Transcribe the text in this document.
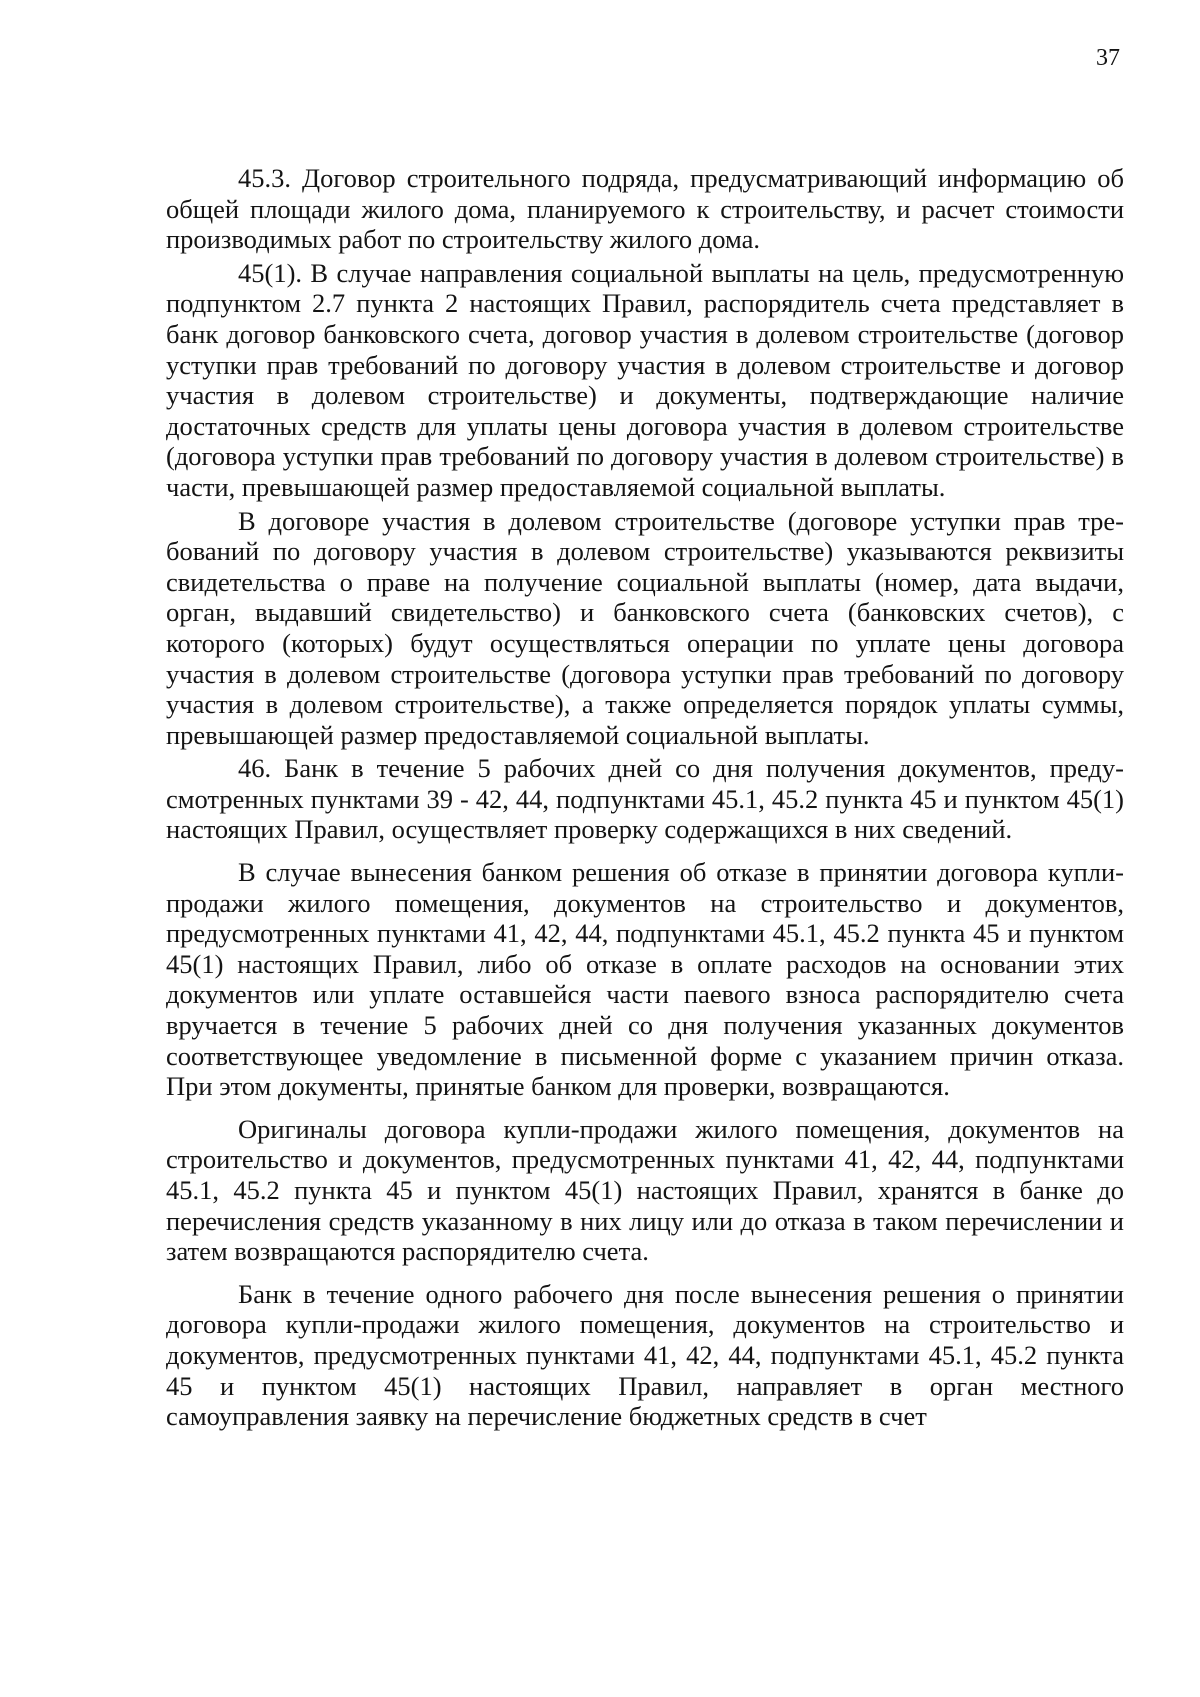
37

45.3. Договор строительного подряда, предусматривающий информацию об общей площади жилого дома, планируемого к строительству, и расчет стоимости производимых работ по строительству жилого дома.

45(1). В случае направления социальной выплаты на цель, предусмотренную подпунктом 2.7 пункта 2 настоящих Правил, распорядитель счета представляет в банк договор банковского счета, договор участия в долевом строительстве (договор уступки прав требований по договору участия в долевом строительстве и договор участия в долевом строительстве) и документы, подтверждающие наличие достаточных средств для уплаты цены договора участия в долевом строительстве (договора уступки прав требований по договору участия в долевом строительстве) в части, превышающей размер предоставляемой социальной выплаты.

В договоре участия в долевом строительстве (договоре уступки прав требований по договору участия в долевом строительстве) указываются реквизиты свидетельства о праве на получение социальной выплаты (номер, дата выдачи, орган, выдавший свидетельство) и банковского счета (банковских счетов), с которого (которых) будут осуществляться операции по уплате цены договора участия в долевом строительстве (договора уступки прав требований по договору участия в долевом строительстве), а также определяется порядок уплаты суммы, превышающей размер предоставляемой социальной выплаты.

46. Банк в течение 5 рабочих дней со дня получения документов, предусмотренных пунктами 39 - 42, 44, подпунктами 45.1, 45.2 пункта 45 и пунктом 45(1) настоящих Правил, осуществляет проверку содержащихся в них сведений.

В случае вынесения банком решения об отказе в принятии договора купли-продажи жилого помещения, документов на строительство и документов, предусмотренных пунктами 41, 42, 44, подпунктами 45.1, 45.2 пункта 45 и пунктом 45(1) настоящих Правил, либо об отказе в оплате расходов на основании этих документов или уплате оставшейся части паевого взноса распорядителю счета вручается в течение 5 рабочих дней со дня получения указанных документов соответствующее уведомление в письменной форме с указанием причин отказа. При этом документы, принятые банком для проверки, возвращаются.

Оригиналы договора купли-продажи жилого помещения, документов на строительство и документов, предусмотренных пунктами 41, 42, 44, подпунктами 45.1, 45.2 пункта 45 и пунктом 45(1) настоящих Правил, хранятся в банке до перечисления средств указанному в них лицу или до отказа в таком перечислении и затем возвращаются распорядителю счета.

Банк в течение одного рабочего дня после вынесения решения о принятии договора купли-продажи жилого помещения, документов на строительство и документов, предусмотренных пунктами 41, 42, 44, подпунктами 45.1, 45.2 пункта 45 и пунктом 45(1) настоящих Правил, направляет в орган местного самоуправления заявку на перечисление бюджетных средств в счет
